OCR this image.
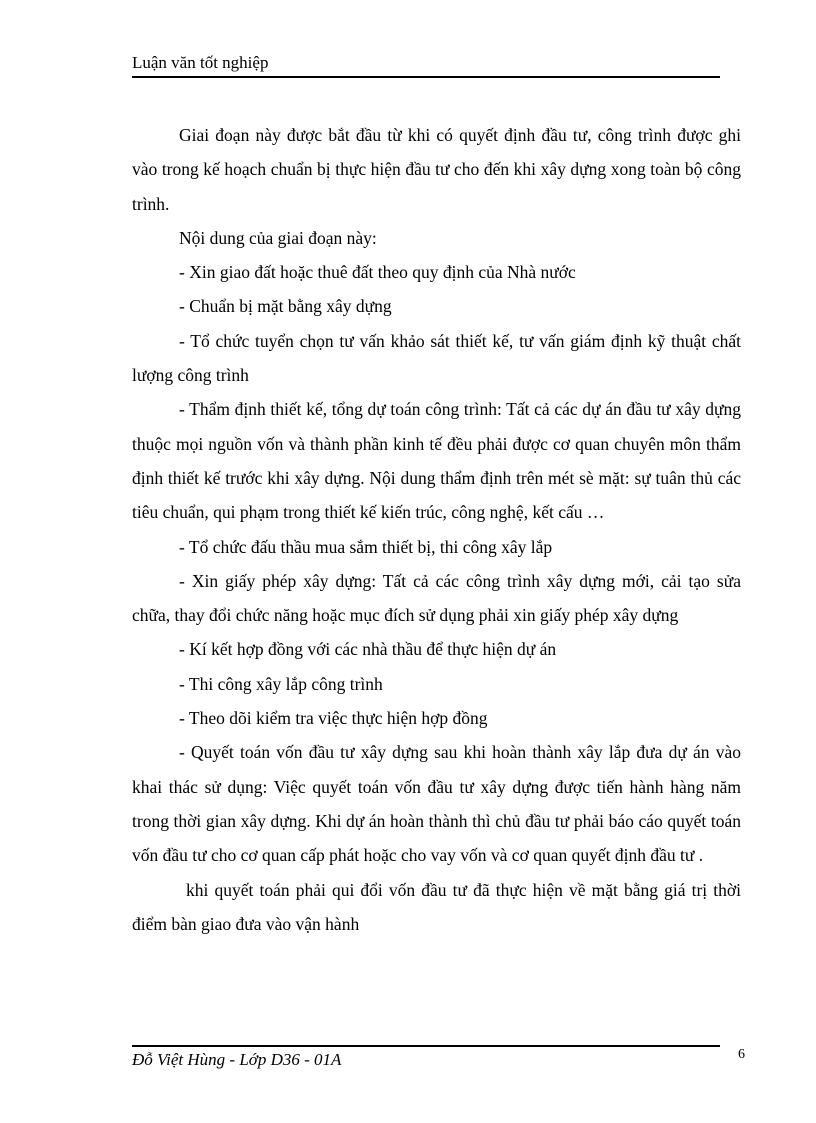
Luận văn tốt nghiệp

Giai đoạn này được bắt đầu từ khi có quyết định đầu tư, công trình được ghi vào trong kế hoạch chuẩn bị thực hiện đầu tư cho đến khi xây dựng xong toàn bộ công trình.

Nội dung của giai đoạn này:

- Xin giao đất hoặc thuê đất theo quy định của Nhà nước

- Chuẩn bị mặt bằng xây dựng

- Tổ chức tuyển chọn tư vấn khảo sát thiết kế, tư vấn giám định kỹ thuật chất lượng công trình

- Thẩm định thiết kế, tổng dự toán công trình: Tất cả các dự án đầu tư xây dựng thuộc mọi nguồn vốn và thành phần kinh tế đều phải được cơ quan chuyên môn thẩm định thiết kế trước khi xây dựng. Nội dung thẩm định trên mét sè mặt: sự tuân thủ các tiêu chuẩn, qui phạm trong thiết kế kiến trúc, công nghệ, kết cấu …

- Tổ chức đấu thầu mua sắm thiết bị, thi công xây lắp

- Xin giấy phép xây dựng: Tất cả các công trình xây dựng mới, cải tạo sửa chữa, thay đổi chức năng hoặc mục đích sử dụng phải xin giấy phép xây dựng

- Kí kết hợp đồng với các nhà thầu để thực hiện dự án

- Thi công xây lắp công trình

- Theo dõi kiểm tra việc thực hiện hợp đồng

- Quyết toán vốn đầu tư xây dựng sau khi hoàn thành xây lắp đưa dự án vào khai thác sử dụng: Việc quyết toán vốn đầu tư xây dựng được tiến hành hàng năm trong thời gian xây dựng. Khi dự án hoàn thành thì chủ đầu tư phải báo cáo quyết toán vốn đầu tư cho cơ quan cấp phát hoặc cho vay vốn và cơ quan quyết định đầu tư .

khi quyết toán phải qui đổi vốn đầu tư đã thực hiện về mặt bằng giá trị thời điểm bàn giao đưa vào vận hành

Đỗ Việt Hùng - Lớp D36 - 01A	6
